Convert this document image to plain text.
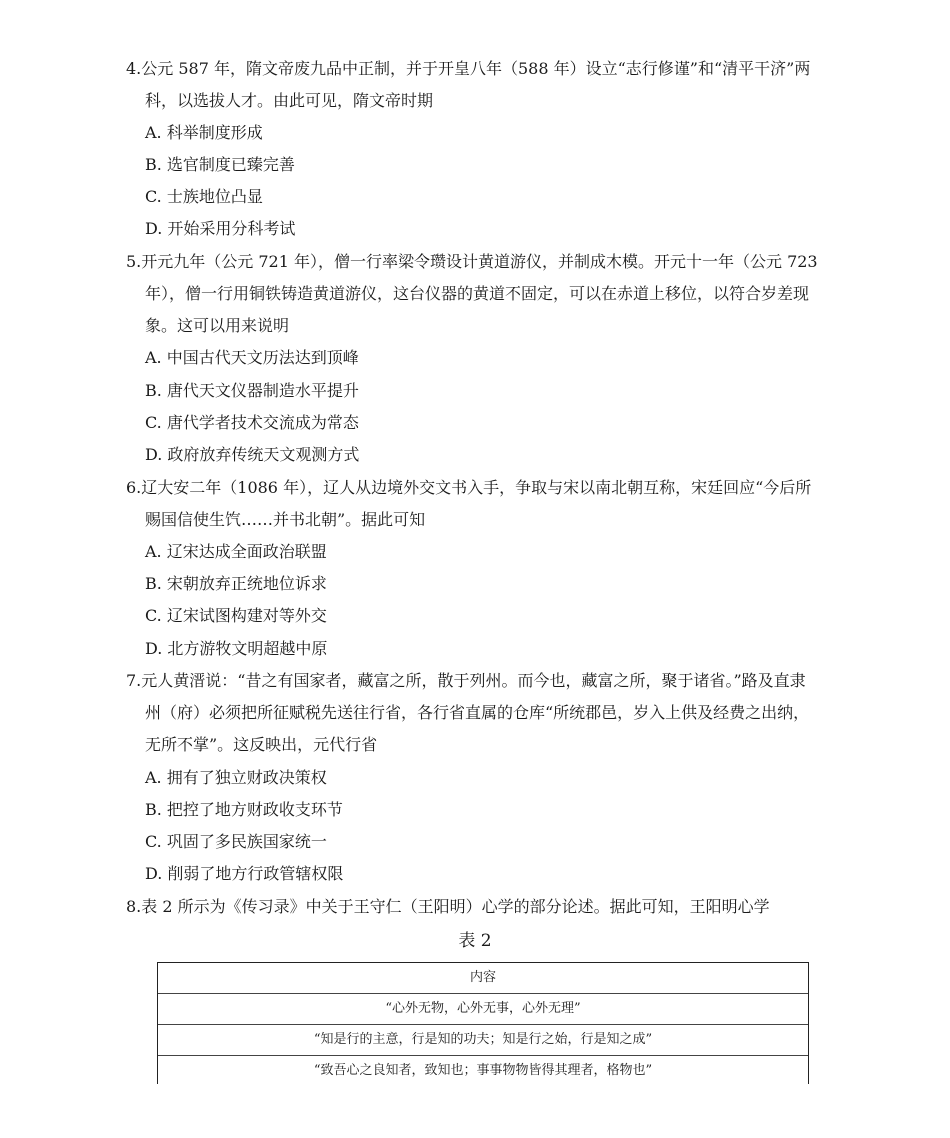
4.公元 587 年，隋文帝废九品中正制，并于开皇八年（588 年）设立“志行修谨”和“清平干济”两
科，以选拔人才。由此可见，隋文帝时期
A. 科举制度形成
B. 选官制度已臻完善
C. 士族地位凸显
D. 开始采用分科考试
5.开元九年（公元 721 年），僧一行率梁令瓒设计黄道游仪，并制成木模。开元十一年（公元 723
年），僧一行用铜铁铸造黄道游仪，这台仪器的黄道不固定，可以在赤道上移位，以符合岁差现
象。这可以用来说明
A. 中国古代天文历法达到顶峰
B. 唐代天文仪器制造水平提升
C. 唐代学者技术交流成为常态
D. 政府放弃传统天文观测方式
6.辽大安二年（1086 年），辽人从边境外交文书入手，争取与宋以南北朝互称，宋廷回应“今后所
赐国信使生饩……并书北朝”。据此可知
A. 辽宋达成全面政治联盟
B. 宋朝放弃正统地位诉求
C. 辽宋试图构建对等外交
D. 北方游牧文明超越中原
7.元人黄溍说：“昔之有国家者，藏富之所，散于列州。而今也，藏富之所，聚于诸省。”路及直隶
州（府）必须把所征赋税先送往行省，各行省直属的仓库“所统郡邑，岁入上供及经费之出纳，
无所不掌”。这反映出，元代行省
A. 拥有了独立财政决策权
B. 把控了地方财政收支环节
C. 巩固了多民族国家统一
D. 削弱了地方行政管辖权限
8.表 2 所示为《传习录》中关于王守仁（王阳明）心学的部分论述。据此可知，王阳明心学
表 2
内容
“心外无物，心外无事，心外无理”
“知是行的主意，行是知的功夫；知是行之始，行是知之成”
“致吾心之良知者，致知也；事事物物皆得其理者，格物也”
